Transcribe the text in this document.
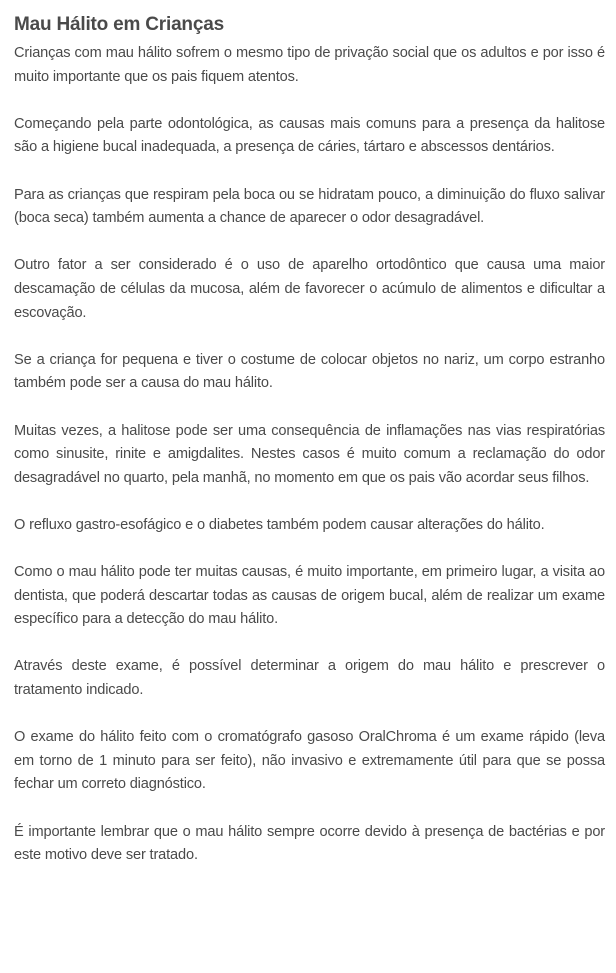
Mau Hálito em Crianças

Crianças com mau hálito sofrem o mesmo tipo de privação social que os adultos e por isso é muito importante que os pais fiquem atentos.

Começando pela parte odontológica, as causas mais comuns para a presença da halitose são a higiene bucal inadequada, a presença de cáries, tártaro e abscessos dentários.

Para as crianças que respiram pela boca ou se hidratam pouco, a diminuição do fluxo salivar (boca seca) também aumenta a chance de aparecer o odor desagradável.

Outro fator a ser considerado é o uso de aparelho ortodôntico que causa uma maior descamação de células da mucosa, além de favorecer o acúmulo de alimentos e dificultar a escovação.

Se a criança for pequena e tiver o costume de colocar objetos no nariz, um corpo estranho também pode ser a causa do mau hálito.

Muitas vezes, a halitose pode ser uma consequência de inflamações nas vias respiratórias como sinusite, rinite e amigdalites. Nestes casos é muito comum a reclamação do odor desagradável no quarto, pela manhã, no momento em que os pais vão acordar seus filhos.

O refluxo gastro-esofágico e o diabetes também podem causar alterações do hálito.

Como o mau hálito pode ter muitas causas, é muito importante, em primeiro lugar, a visita ao dentista, que poderá descartar todas as causas de origem bucal, além de realizar um exame específico para a detecção do mau hálito.

Através deste exame, é possível determinar a origem do mau hálito e prescrever o tratamento indicado.

O exame do hálito feito com o cromatógrafo gasoso OralChroma é um exame rápido (leva em torno de 1 minuto para ser feito), não invasivo e extremamente útil para que se possa fechar um correto diagnóstico.

É importante lembrar que o mau hálito sempre ocorre devido à presença de bactérias e por este motivo deve ser tratado.
